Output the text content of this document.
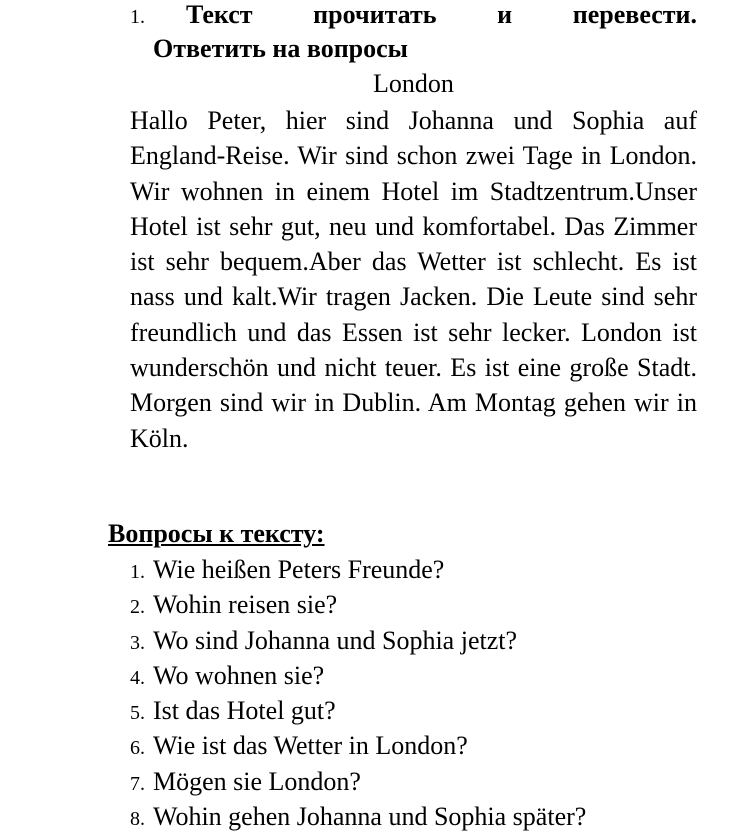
1. Текст прочитать и перевести.
Ответить на вопросы
London

Hallo Peter, hier sind Johanna und Sophia auf England-Reise. Wir sind schon zwei Tage in London. Wir wohnen in einem Hotel im Stadtzentrum.Unser Hotel ist sehr gut, neu und komfortabel. Das Zimmer ist sehr bequem.Aber das Wetter ist schlecht. Es ist nass und kalt.Wir tragen Jacken. Die Leute sind sehr freundlich und das Essen ist sehr lecker. London ist wunderschön und nicht teuer. Es ist eine große Stadt. Morgen sind wir in Dublin. Am Montag gehen wir in Köln.

Вопросы к тексту:
1. Wie heißen Peters Freunde?
2. Wohin reisen sie?
3. Wo sind Johanna und Sophia jetzt?
4. Wo wohnen sie?
5. Ist das Hotel gut?
6. Wie ist das Wetter in London?
7. Mögen sie London?
8. Wohin gehen Johanna und Sophia später?
